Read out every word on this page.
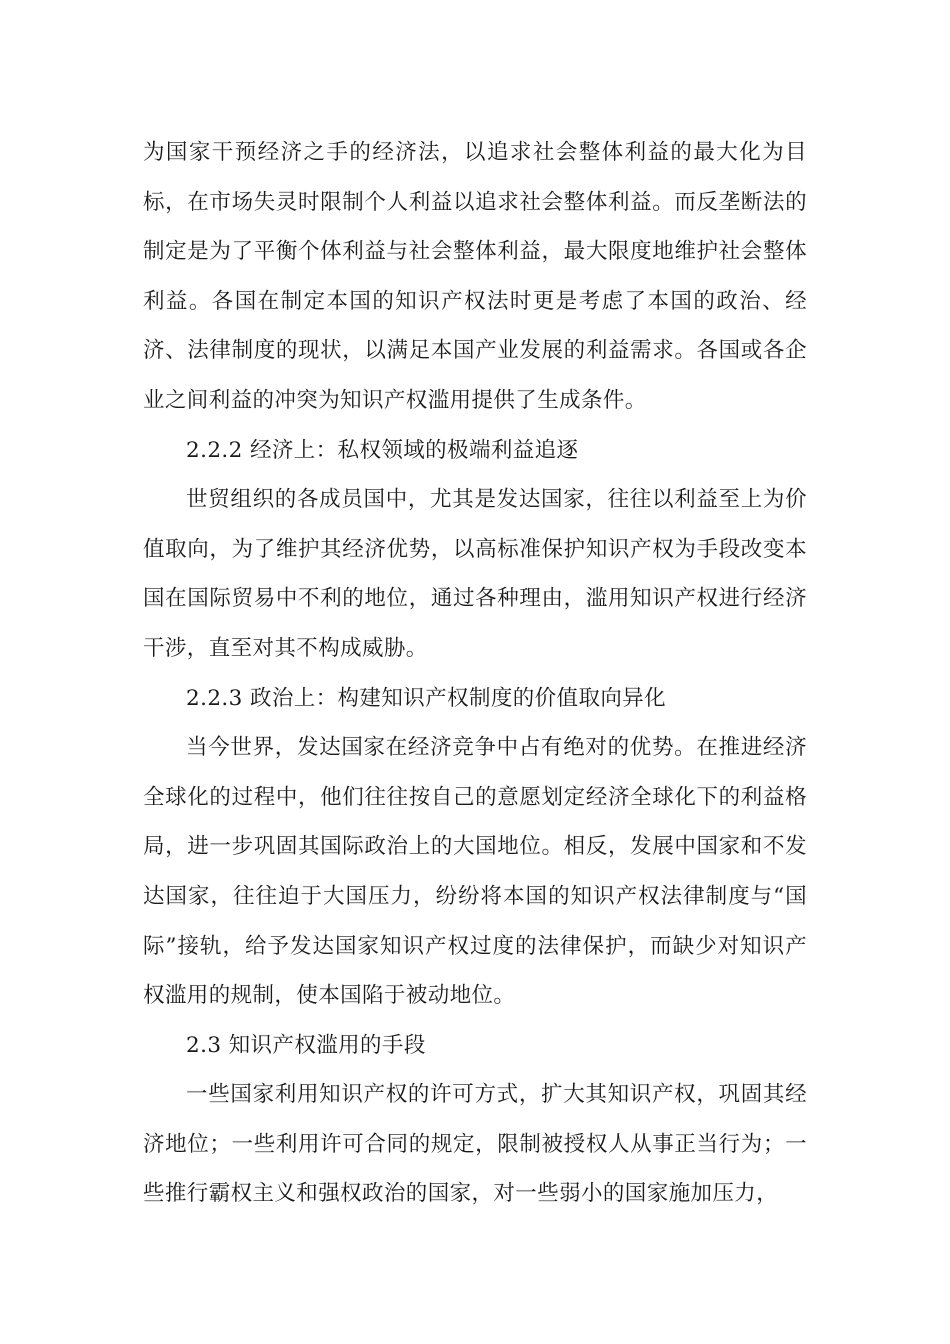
为国家干预经济之手的经济法，以追求社会整体利益的最大化为目标，在市场失灵时限制个人利益以追求社会整体利益。而反垄断法的制定是为了平衡个体利益与社会整体利益，最大限度地维护社会整体利益。各国在制定本国的知识产权法时更是考虑了本国的政治、经济、法律制度的现状，以满足本国产业发展的利益需求。各国或各企业之间利益的冲突为知识产权滥用提供了生成条件。

2.2.2 经济上：私权领域的极端利益追逐

世贸组织的各成员国中，尤其是发达国家，往往以利益至上为价值取向，为了维护其经济优势，以高标准保护知识产权为手段改变本国在国际贸易中不利的地位，通过各种理由，滥用知识产权进行经济干涉，直至对其不构成威胁。

2.2.3 政治上：构建知识产权制度的价值取向异化

当今世界，发达国家在经济竞争中占有绝对的优势。在推进经济全球化的过程中，他们往往按自己的意愿划定经济全球化下的利益格局，进一步巩固其国际政治上的大国地位。相反，发展中国家和不发达国家，往往迫于大国压力，纷纷将本国的知识产权法律制度与“国际”接轨，给予发达国家知识产权过度的法律保护，而缺少对知识产权滥用的规制，使本国陷于被动地位。

2.3 知识产权滥用的手段

一些国家利用知识产权的许可方式，扩大其知识产权，巩固其经济地位；一些利用许可合同的规定，限制被授权人从事正当行为；一些推行霸权主义和强权政治的国家，对一些弱小的国家施加压力，
